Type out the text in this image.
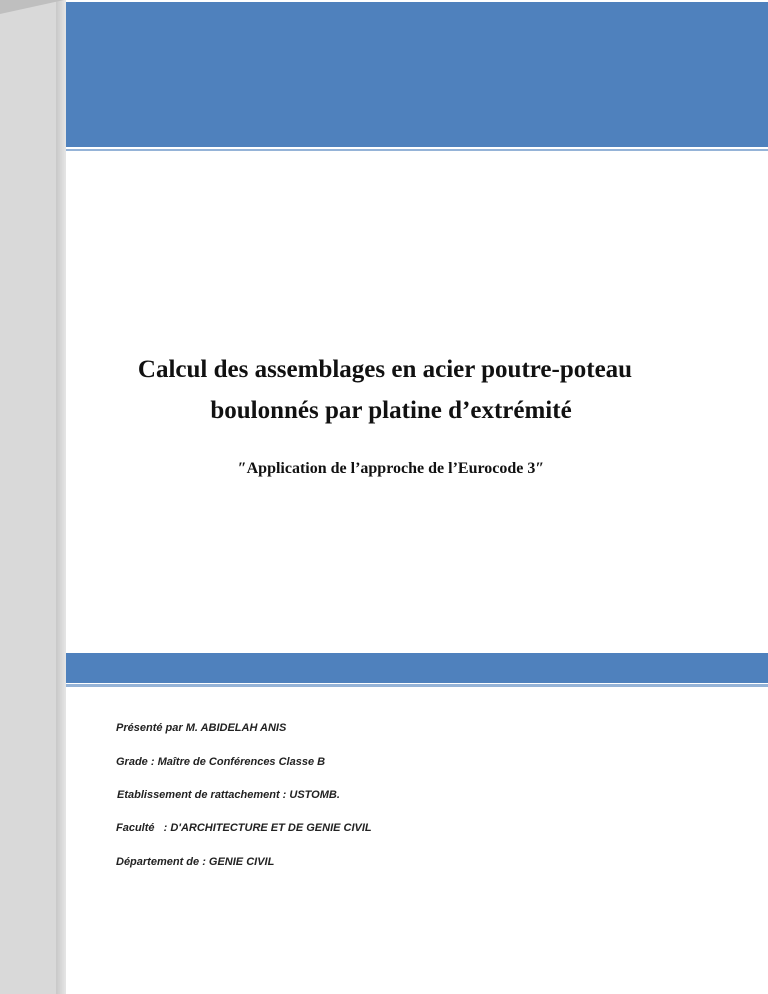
Calcul des assemblages en acier poutre-poteau
boulonnés par platine d’extrémité

″Application de l’approche de l’Eurocode 3″

Présenté par M. ABIDELAH ANIS

Grade : Maître de Conférences Classe B

Etablissement de rattachement : USTOMB.

Faculté   : D'ARCHITECTURE ET DE GENIE CIVIL

Département de : GENIE CIVIL
